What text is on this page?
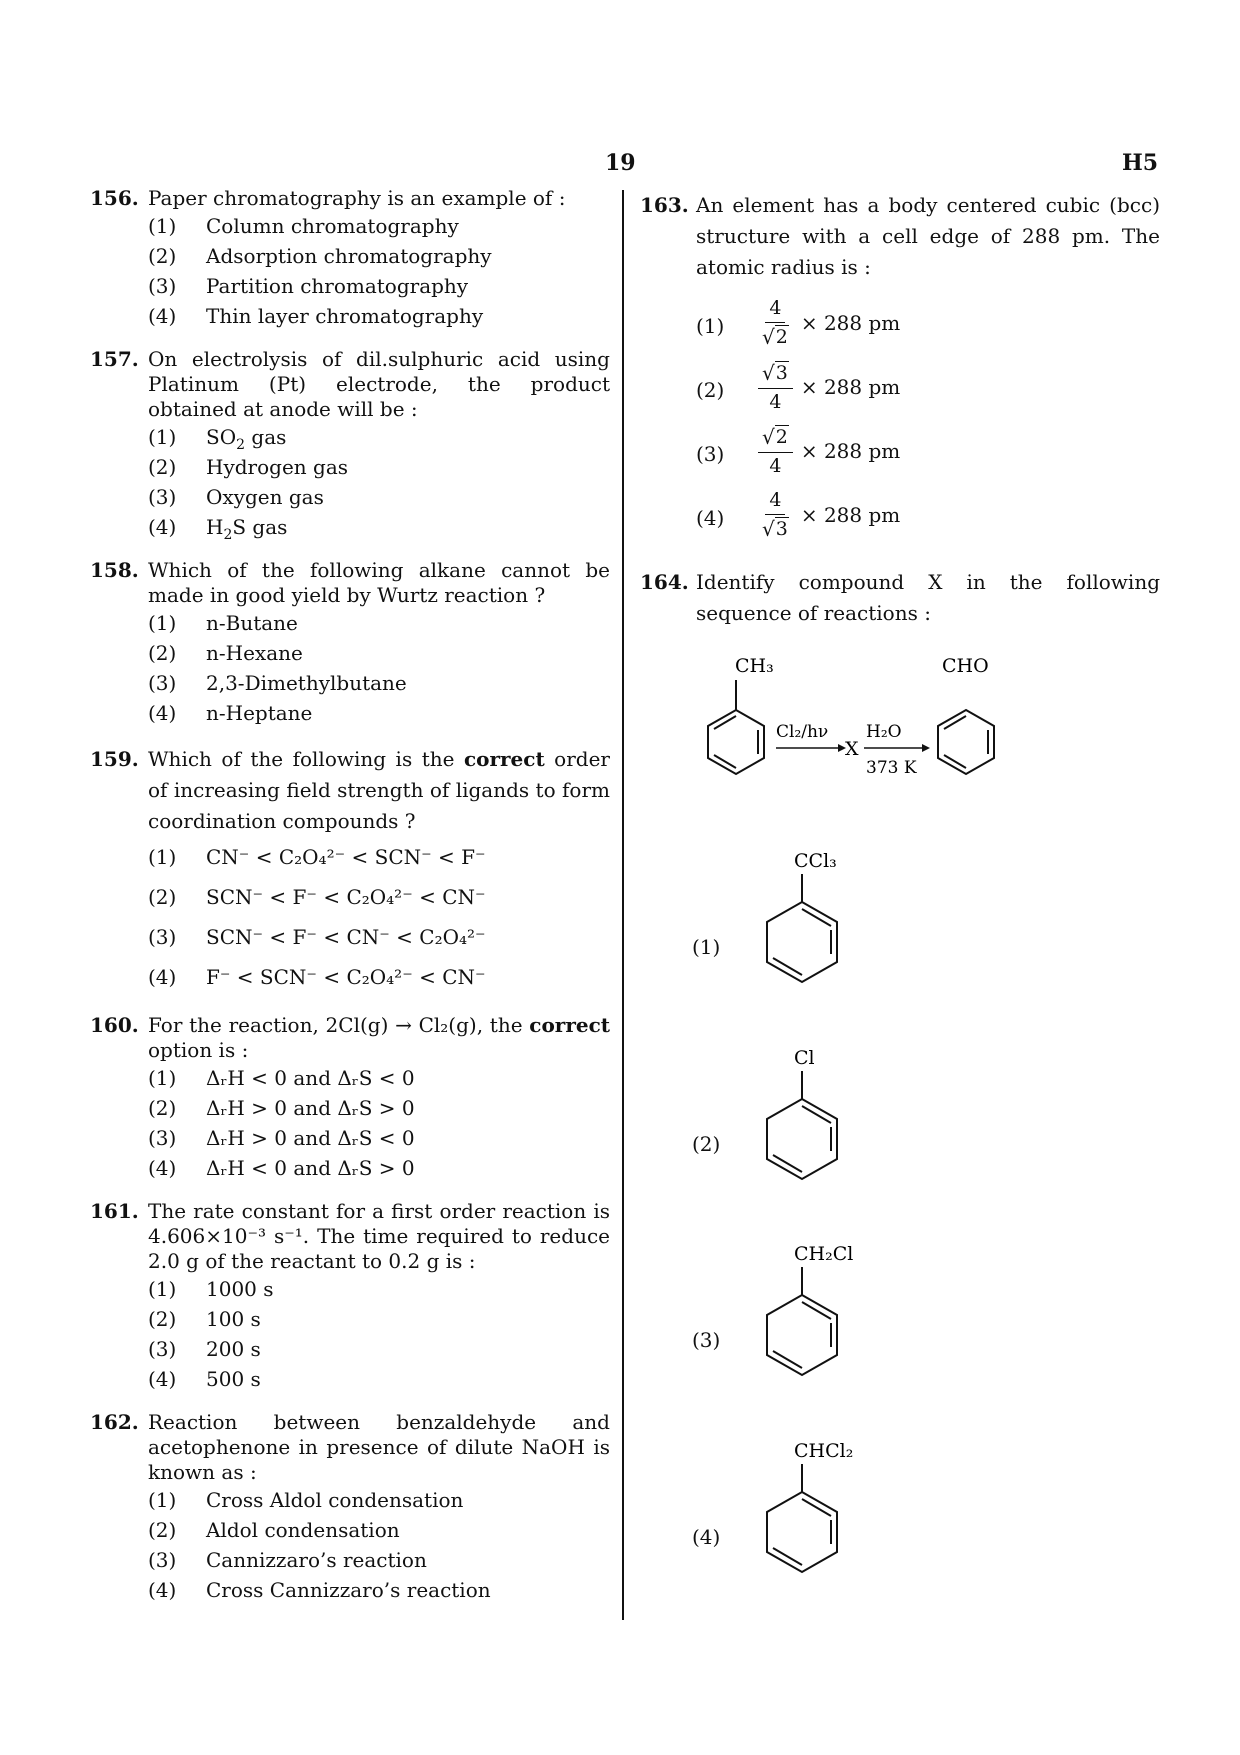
19	H5
156. Paper chromatography is an example of :
(1) Column chromatography
(2) Adsorption chromatography
(3) Partition chromatography
(4) Thin layer chromatography
157. On electrolysis of dil.sulphuric acid using Platinum (Pt) electrode, the product obtained at anode will be :
(1) $SO_2$ gas
(2) Hydrogen gas
(3) Oxygen gas
(4) $H_2S$ gas
158. Which of the following alkane cannot be made in good yield by Wurtz reaction ?
(1) n-Butane
(2) n-Hexane
(3) 2,3-Dimethylbutane
(4) n-Heptane
159. Which of the following is the correct order of increasing field strength of ligands to form coordination compounds ?
(1) CN⁻ < C₂O₄²⁻ < SCN⁻ < F⁻
(2) SCN⁻ < F⁻ < C₂O₄²⁻ < CN⁻
(3) SCN⁻ < F⁻ < CN⁻ < C₂O₄²⁻
(4) F⁻ < SCN⁻ < C₂O₄²⁻ < CN⁻
160. For the reaction, 2Cl(g) → Cl₂(g), the correct option is :
(1) ΔᵣH < 0 and ΔᵣS < 0
(2) ΔᵣH > 0 and ΔᵣS > 0
(3) ΔᵣH > 0 and ΔᵣS < 0
(4) ΔᵣH < 0 and ΔᵣS > 0
161. The rate constant for a first order reaction is 4.606×10⁻³ s⁻¹. The time required to reduce 2.0 g of the reactant to 0.2 g is :
(1) 1000 s
(2) 100 s
(3) 200 s
(4) 500 s
162. Reaction between benzaldehyde and acetophenone in presence of dilute NaOH is known as :
(1) Cross Aldol condensation
(2) Aldol condensation
(3) Cannizzaro’s reaction
(4) Cross Cannizzaro’s reaction
163. An element has a body centered cubic (bcc) structure with a cell edge of 288 pm. The atomic radius is :
$(1) \frac{4}{√ 2} \times 288$ pm
$(2) \frac{√ 3}{4} \times 288$ pm
$(3) \frac{√ 2}{4} \times 288$ pm
$(4) \frac{4}{√ 3} \times 288$ pm
164. Identify compound X in the following sequence of reactions :
CH₃
Cl₂/hν
X
H₂O
373 K
CHO
(1)
CCl₃
(2)
Cl
(3)
CH₂Cl
(4)
CHCl₂
